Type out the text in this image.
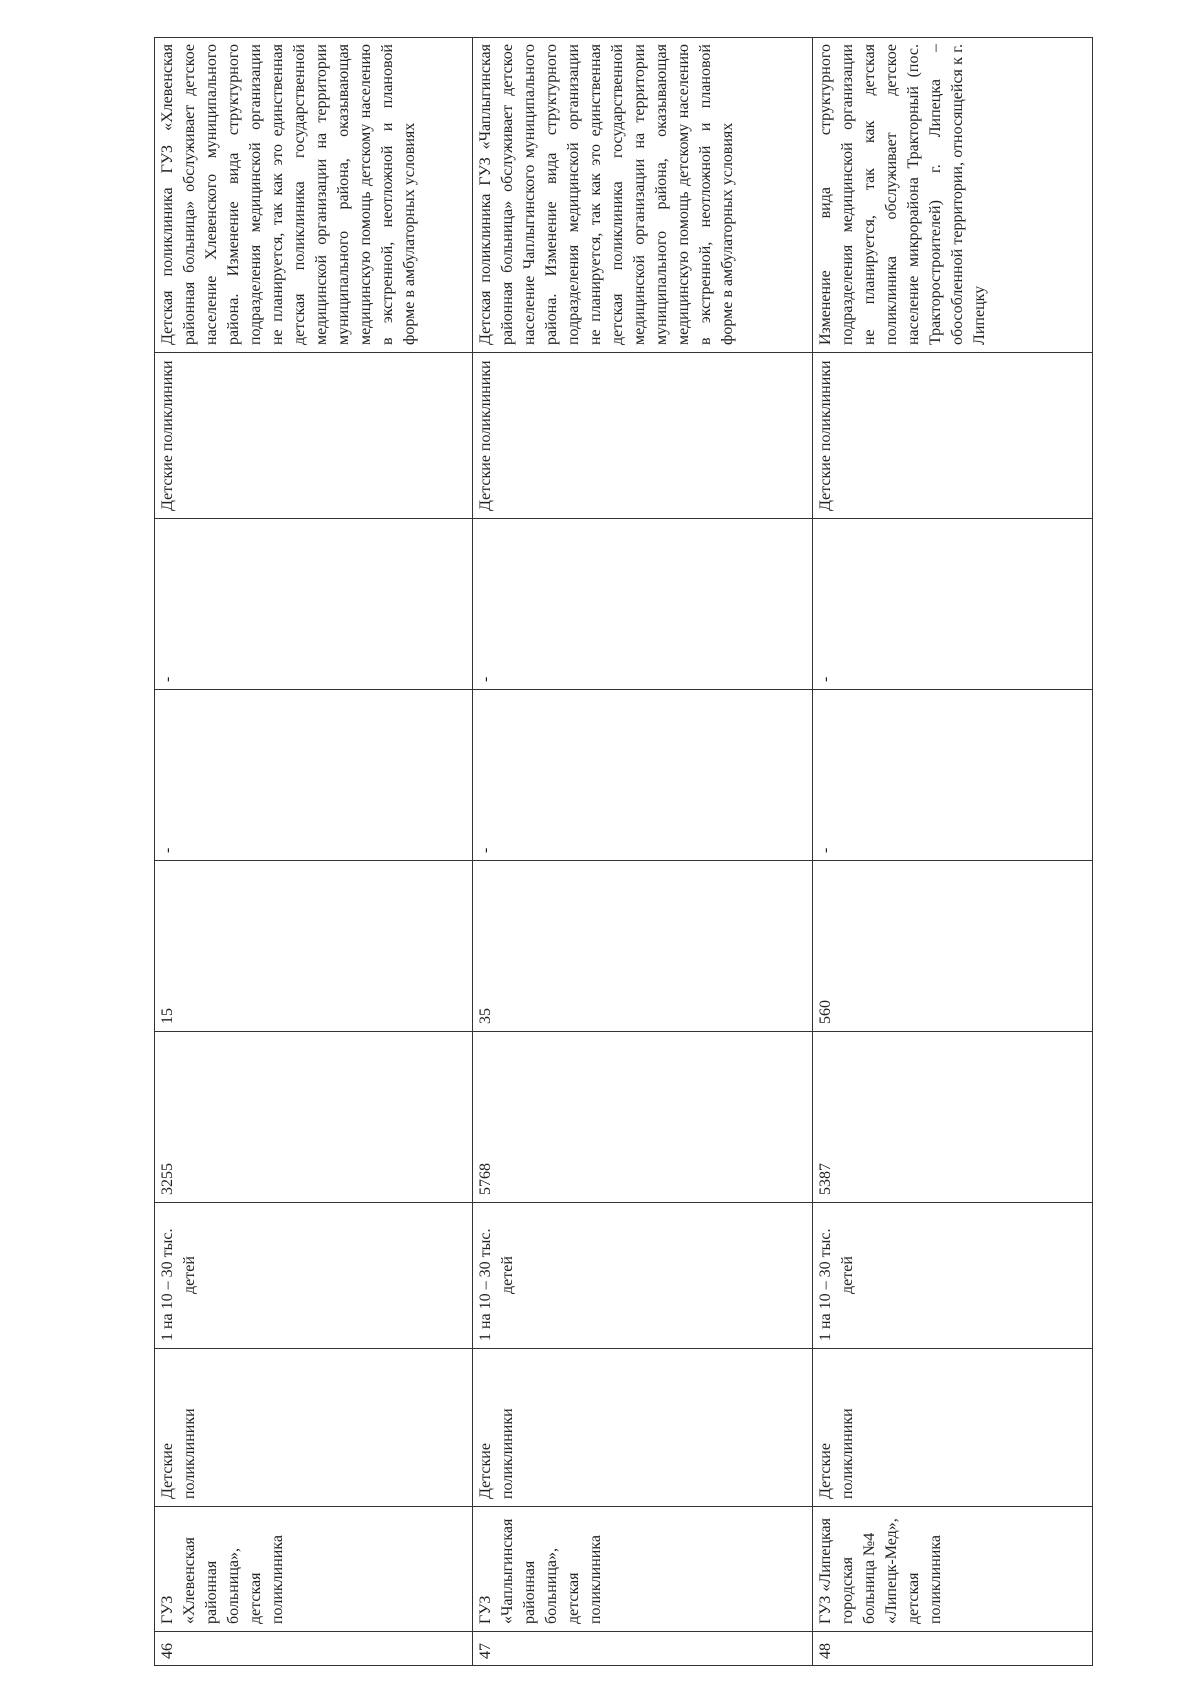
46	ГУЗ «Хлевенская районная больница», детская поликлиника	Детские поликлиники	1 на 10 – 30 тыс. детей	3255	15	-	-	Детские поликлиники	Детская поликлиника ГУЗ «Хлевенская районная больница» обслуживает детское население Хлевенского муниципального района. Изменение вида структурного подразделения медицинской организации не планируется, так как это единственная детская поликлиника государственной медицинской организации на территории муниципального района, оказывающая медицинскую помощь детскому населению в экстренной, неотложной и плановой форме в амбулаторных условиях
47	ГУЗ «Чаплыгинская районная больница», детская поликлиника	Детские поликлиники	1 на 10 – 30 тыс. детей	5768	35	-	-	Детские поликлиники	Детская поликлиника ГУЗ «Чаплыгинская районная больница» обслуживает детское население Чаплыгинского муниципального района. Изменение вида структурного подразделения медицинской организации не планируется, так как это единственная детская поликлиника государственной медицинской организации на территории муниципального района, оказывающая медицинскую помощь детскому населению в экстренной, неотложной и плановой форме в амбулаторных условиях
48	ГУЗ «Липецкая городская больница №4 «Липецк-Мед», детская поликлиника	Детские поликлиники	1 на 10 – 30 тыс. детей	5387	560	-	-	Детские поликлиники	Изменение вида структурного подразделения медицинской организации не планируется, так как детская поликлиника обслуживает детское население микрорайона Тракторный (пос. Тракторостроителей) г. Липецка – обособленной территории, относящейся к г. Липецку
